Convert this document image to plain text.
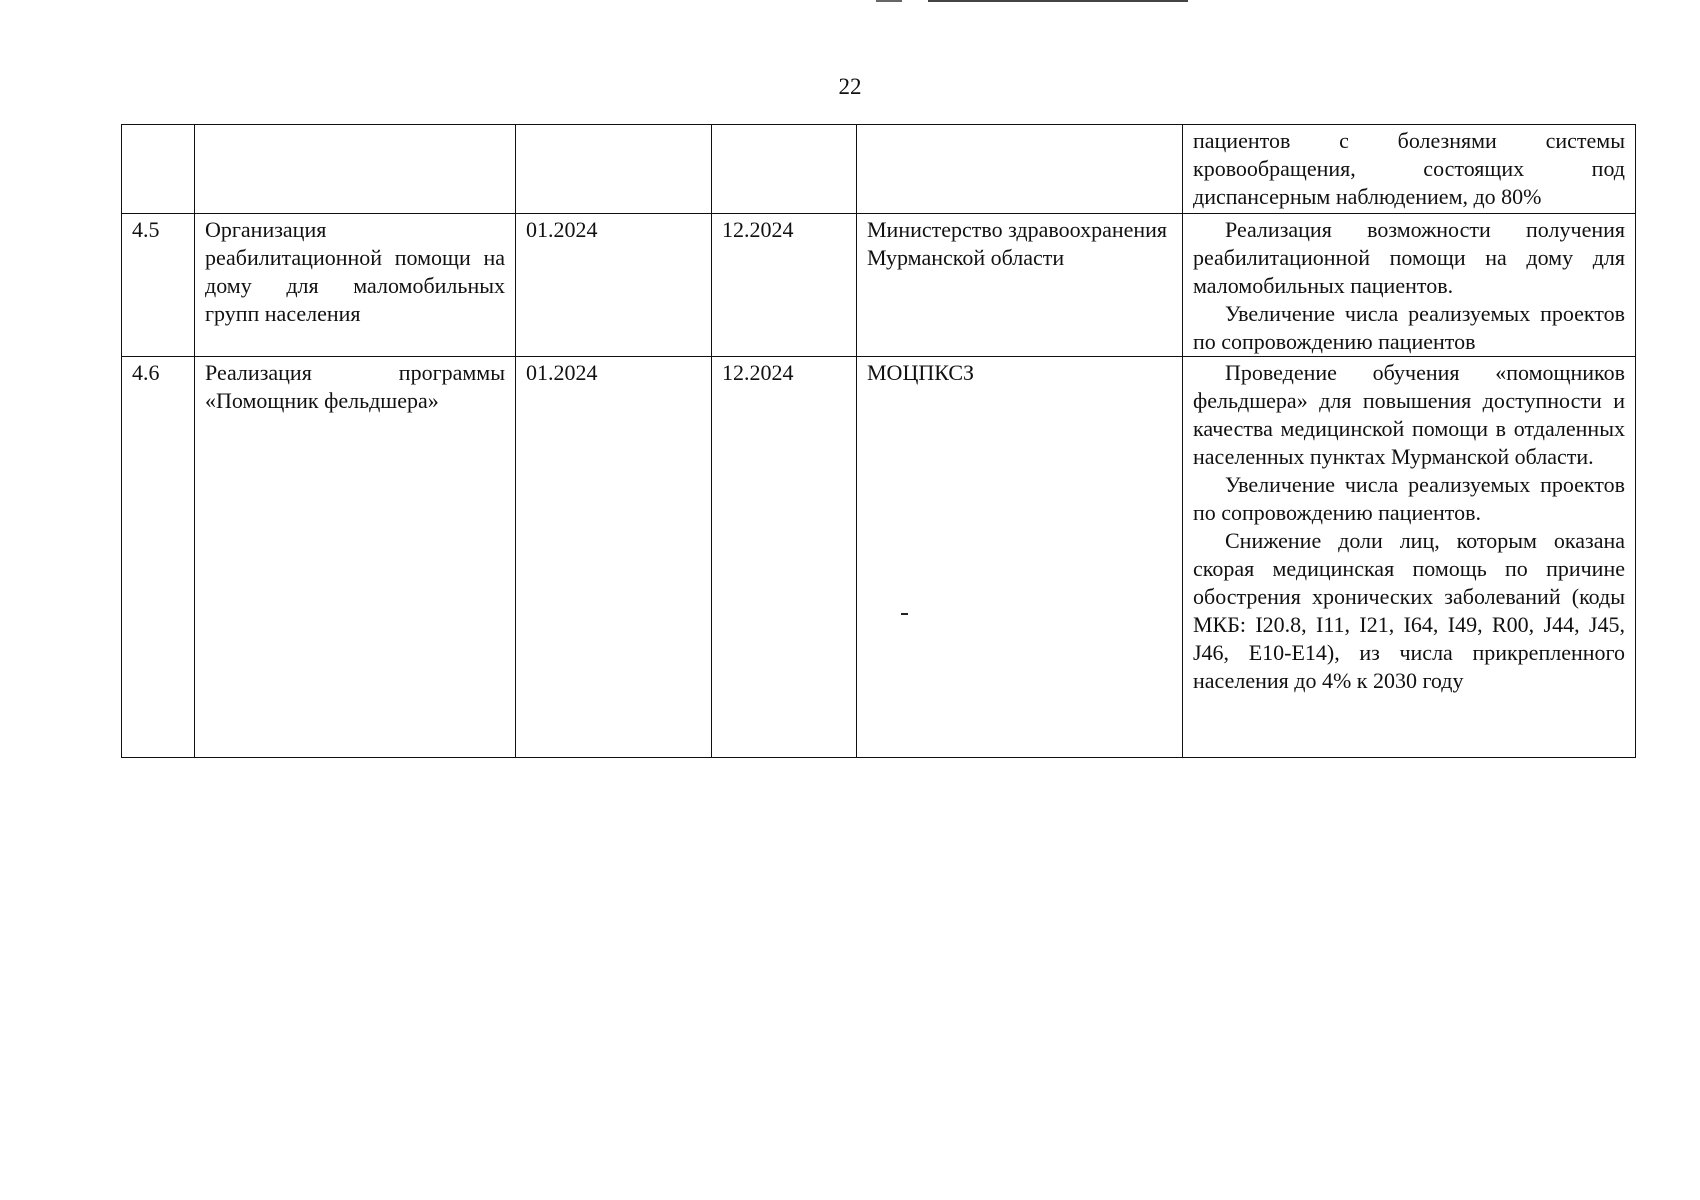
22

					пациентов с болезнями системы кровообращения, состоящих под диспансерным наблюдением, до 80%

4.5	Организация реабилитационной помощи на дому для маломобильных групп населения	01.2024	12.2024	Министерство здравоохранения Мурманской области	Реализация возможности получения реабилитационной помощи на дому для маломобильных пациентов.
Увеличение числа реализуемых проектов по сопровождению пациентов

4.6	Реализация программы «Помощник фельдшера»	01.2024	12.2024	МОЦПКСЗ	Проведение обучения «помощников фельдшера» для повышения доступности и качества медицинской помощи в отдаленных населенных пунктах Мурманской области.
Увеличение числа реализуемых проектов по сопровождению пациентов.
Снижение доли лиц, которым оказана скорая медицинская помощь по причине обострения хронических заболеваний (коды МКБ: I20.8, I11, I21, I64, I49, R00, J44, J45, J46, E10-E14), из числа прикрепленного населения до 4% к 2030 году
